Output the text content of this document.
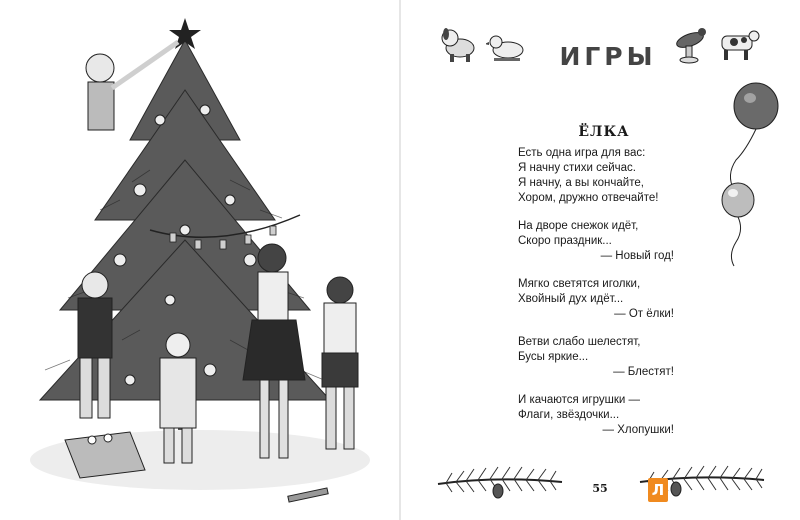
ИГРЫ
ЁЛКА
Есть одна игра для вас:
Я начну стихи сейчас.
Я начну, а вы кончайте,
Хором, дружно отвечайте!
На дворе снежок идёт,
Скоро праздник...
— Новый год!
Мягко светятся иголки,
Хвойный дух идёт...
— От ёлки!
Ветви слабо шелестят,
Бусы яркие...
— Блестят!
И качаются игрушки —
Флаги, звёздочки...
— Хлопушки!
55	Л
